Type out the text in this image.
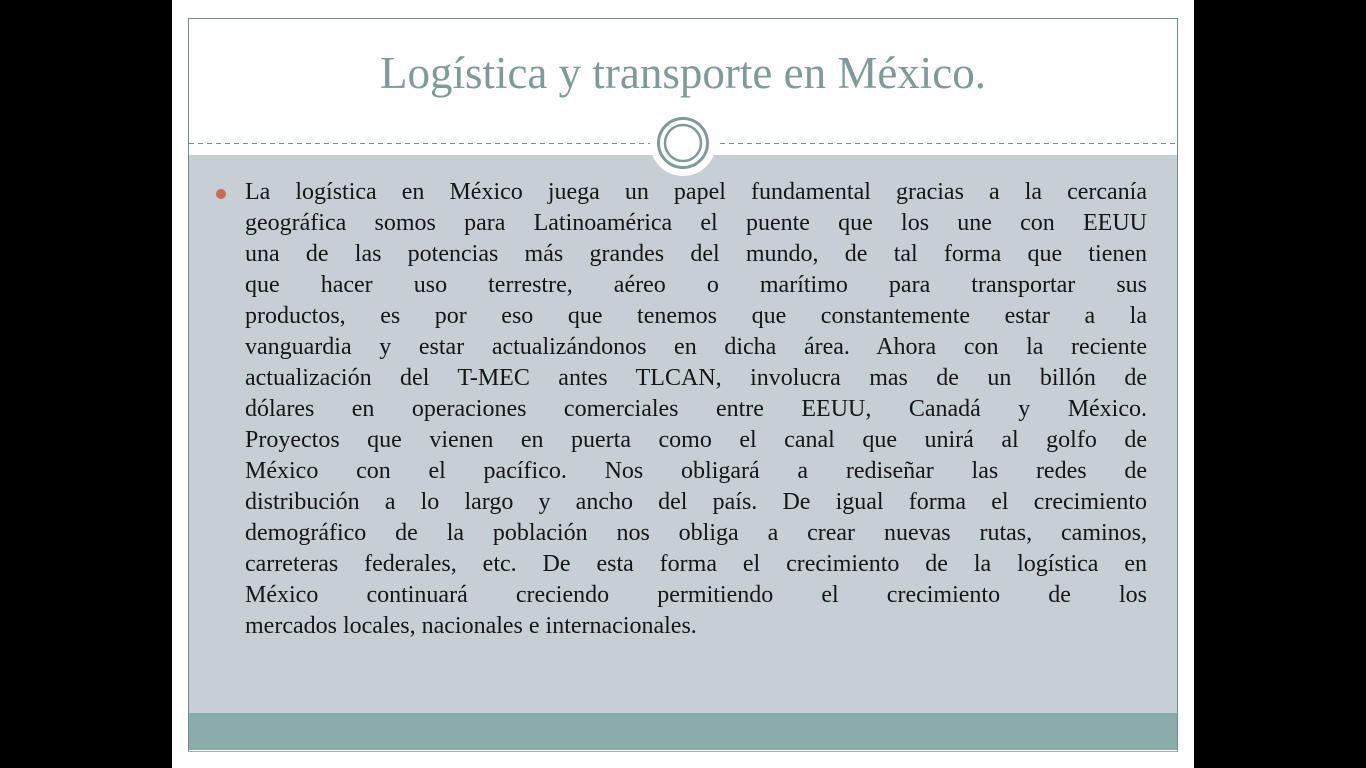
Logística y transporte en México.
La logística en México juega un papel fundamental gracias a la cercanía
geográfica somos para Latinoamérica el puente que los une con EEUU
una de las potencias más grandes del mundo, de tal forma que tienen
que hacer uso terrestre, aéreo o marítimo para transportar sus
productos, es por eso que tenemos que constantemente estar a la
vanguardia y estar actualizándonos en dicha área. Ahora con la reciente
actualización del T-MEC antes TLCAN, involucra mas de un billón de
dólares en operaciones comerciales entre EEUU, Canadá y México.
Proyectos que vienen en puerta como el canal que unirá al golfo de
México con el pacífico. Nos obligará a rediseñar las redes de
distribución a lo largo y ancho del país. De igual forma el crecimiento
demográfico de la población nos obliga a crear nuevas rutas, caminos,
carreteras federales, etc. De esta forma el crecimiento de la logística en
México continuará creciendo permitiendo el crecimiento de los
mercados locales, nacionales e internacionales.
